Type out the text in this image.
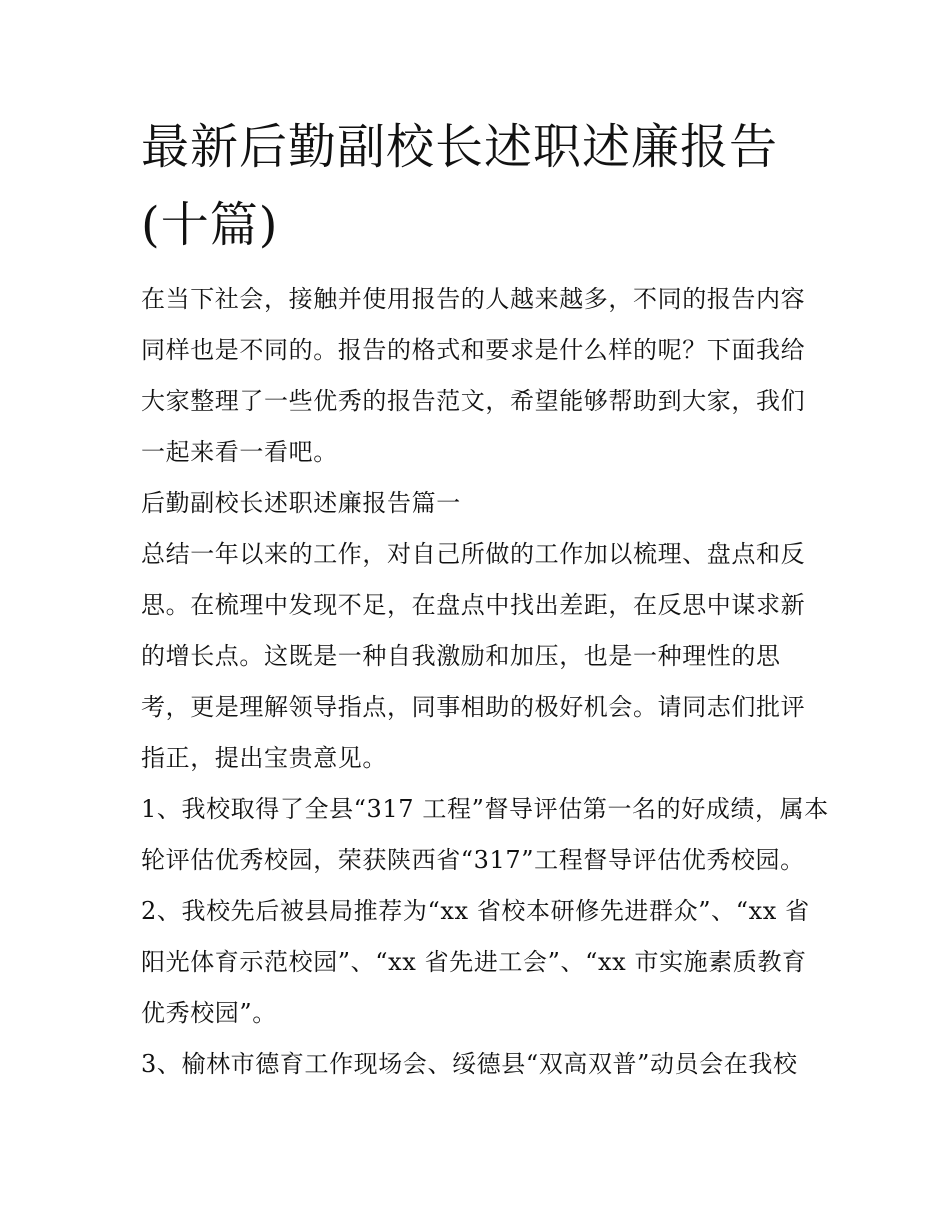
最新后勤副校长述职述廉报告
(十篇)
在当下社会，接触并使用报告的人越来越多，不同的报告内容
同样也是不同的。报告的格式和要求是什么样的呢？下面我给
大家整理了一些优秀的报告范文，希望能够帮助到大家，我们
一起来看一看吧。
后勤副校长述职述廉报告篇一
总结一年以来的工作，对自己所做的工作加以梳理、盘点和反
思。在梳理中发现不足，在盘点中找出差距，在反思中谋求新
的增长点。这既是一种自我激励和加压，也是一种理性的思
考，更是理解领导指点，同事相助的极好机会。请同志们批评
指正，提出宝贵意见。
1、我校取得了全县“317 工程”督导评估第一名的好成绩，属本
轮评估优秀校园，荣获陕西省“317”工程督导评估优秀校园。
2、我校先后被县局推荐为“xx 省校本研修先进群众”、“xx 省
阳光体育示范校园”、“xx 省先进工会”、“xx 市实施素质教育
优秀校园”。
3、榆林市德育工作现场会、绥德县“双高双普”动员会在我校
